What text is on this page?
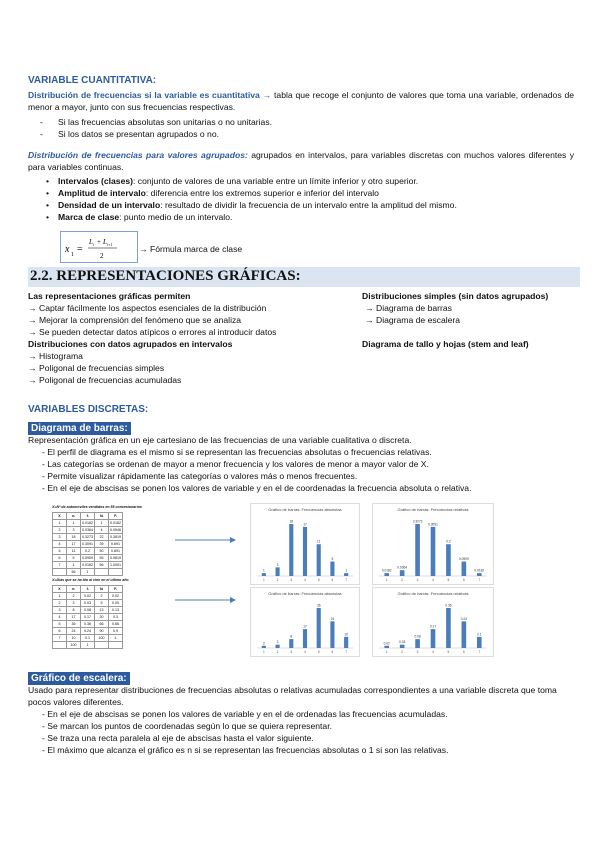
VARIABLE CUANTITATIVA:
Distribución de frecuencias si la variable es cuantitativa → tabla que recoge el conjunto de valores que toma una variable, ordenados de menor a mayor, junto con sus frecuencias respectivas.
- Si las frecuencias absolutas son unitarias o no unitarias.
- Si los datos se presentan agrupados o no.
Distribución de frecuencias para valores agrupados: agrupados en intervalos, para variables discretas con muchos valores diferentes y para variables continuas.
• Intervalos (clases): conjunto de valores de una variable entre un límite inferior y otro superior.
• Amplitud de intervalo: diferencia entre los extremos superior e inferior del intervalo
• Densidad de un intervalo: resultado de dividir la frecuencia de un intervalo entre la amplitud del mismo.
• Marca de clase: punto medio de un intervalo.
x 1 =
L i + L i+1
2
→ Fórmula marca de clase
2.2. REPRESENTACIONES GRÁFICAS:
Las representaciones gráficas permiten
→ Captar fácilmente los aspectos esenciales de la distribución
→ Mejorar la comprensión del fenómeno que se analiza
→ Se pueden detectar datos atípicos o errores al introducir datos
Distribuciones con datos agrupados en intervalos
→ Histograma
→ Poligonal de frecuencias simples
→ Poligonal de frecuencias acumuladas
Distribuciones simples (sin datos agrupados)
→ Diagrama de barras
→ Diagrama de escalera
Diagrama de tallo y hojas (stem and leaf)
VARIABLES DISCRETAS:
Diagrama de barras:
Representación gráfica en un eje cartesiano de las frecuencias de una variable cualitativa o discreta.
- El perfil de diagrama es el mismo si se representan las frecuencias absolutas o frecuencias relativas.
- Las categorías se ordenan de mayor a menor frecuencia y los valores de menor a mayor valor de X.
- Permite visualizar rápidamente las categorías o valores más o menos frecuentes.
- En el eje de abscisas se ponen los valores de variable y en el de coordenadas la frecuencia absoluta o relativa.
X=Nº de automóviles vendidos en 55 concesionarios
X	nᵢ	fᵢ	Nᵢ	Fᵢ
1	1	0.0182	1	0.0182
2	3	0.0364	4	0.0546
3	18	0.3273	22	0.3819
4	17	0.3091	39	0.691
5	11	0.2	50	0.891
6	5	0.0909	55	0.9819
7	1	0.0182	56	1.0001
	56	1		
X=Días que se ha ido al cine en el último año
X	nᵢ	fᵢ	Nᵢ	Fᵢ
1	2	0.02	2	0.02
2	3	0.03	5	0.05
3	8	0.08	13	0.13
4	17	0.17	30	0.3
5	36	0.36	66	0.66
6	24	0.24	90	0.9
7	10	0.1	100	1
	100	1		
Gráfico de barras: Frecuencias absolutas
1
1
3
2
18
3
17
4
11
5
5
6
1
7
Gráfico de barras: Frecuencias relativas
0.0182
1
0.0364
2
0.3273
3
0.3091
4
0.2
5
0.0909
6
0.0182
7
Gráfico de barras: Frecuencias absolutas
2
1
3
2
8
3
17
4
36
5
24
6
10
7
Gráfico de barras: Frecuencias relativas
0.02
1
0.03
2
0.08
3
0.17
4
0.36
5
0.24
6
0.1
7
Gráfico de escalera:
Usado para representar distribuciones de frecuencias absolutas o relativas acumuladas correspondientes a una variable discreta que toma pocos valores diferentes.
- En el eje de abscisas se ponen los valores de variable y en el de ordenadas las frecuencias acumuladas.
- Se marcan los puntos de coordenadas según lo que se quiera representar.
- Se traza una recta paralela al eje de abscisas hasta el valor siguiente.
- El máximo que alcanza el gráfico es n si se representan las frecuencias absolutas o 1 si son las relativas.
